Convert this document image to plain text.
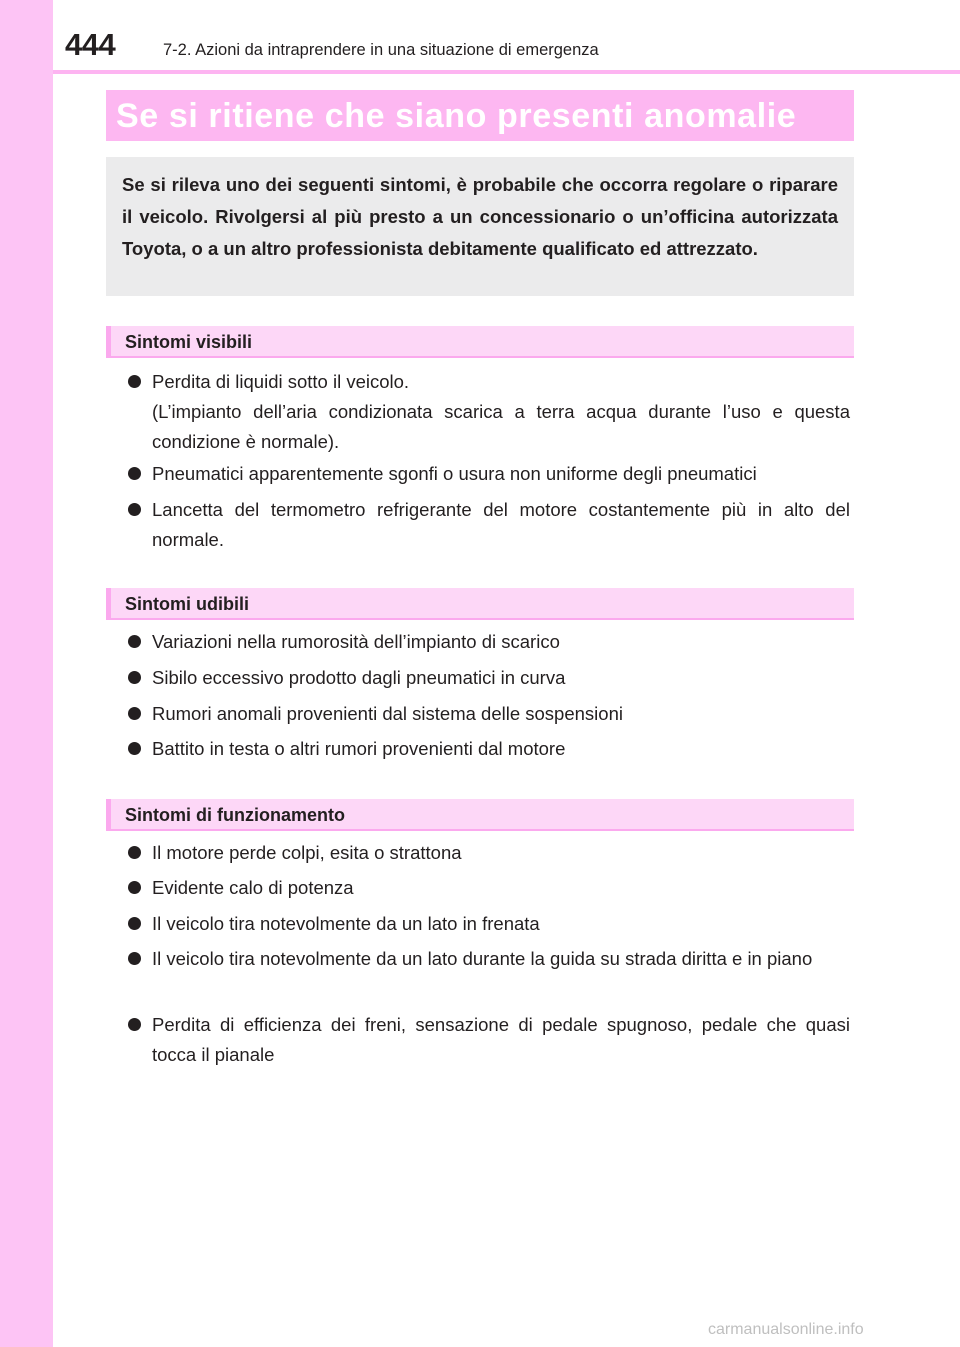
444	7-2. Azioni da intraprendere in una situazione di emergenza
Se si ritiene che siano presenti anomalie
Se si rileva uno dei seguenti sintomi, è probabile che occorra regolare o riparare il veicolo. Rivolgersi al più presto a un concessionario o un’officina autorizzata Toyota, o a un altro professionista debitamente qualificato ed attrezzato.
Sintomi visibili
Perdita di liquidi sotto il veicolo.
(L’impianto dell’aria condizionata scarica a terra acqua durante l’uso e questa condizione è normale).
Pneumatici apparentemente sgonfi o usura non uniforme degli pneumatici
Lancetta del termometro refrigerante del motore costantemente più in alto del normale.
Sintomi udibili
Variazioni nella rumorosità dell’impianto di scarico
Sibilo eccessivo prodotto dagli pneumatici in curva
Rumori anomali provenienti dal sistema delle sospensioni
Battito in testa o altri rumori provenienti dal motore
Sintomi di funzionamento
Il motore perde colpi, esita o strattona
Evidente calo di potenza
Il veicolo tira notevolmente da un lato in frenata
Il veicolo tira notevolmente da un lato durante la guida su strada diritta e in piano
Perdita di efficienza dei freni, sensazione di pedale spugnoso, pedale che quasi tocca il pianale
carmanualsonline.info
